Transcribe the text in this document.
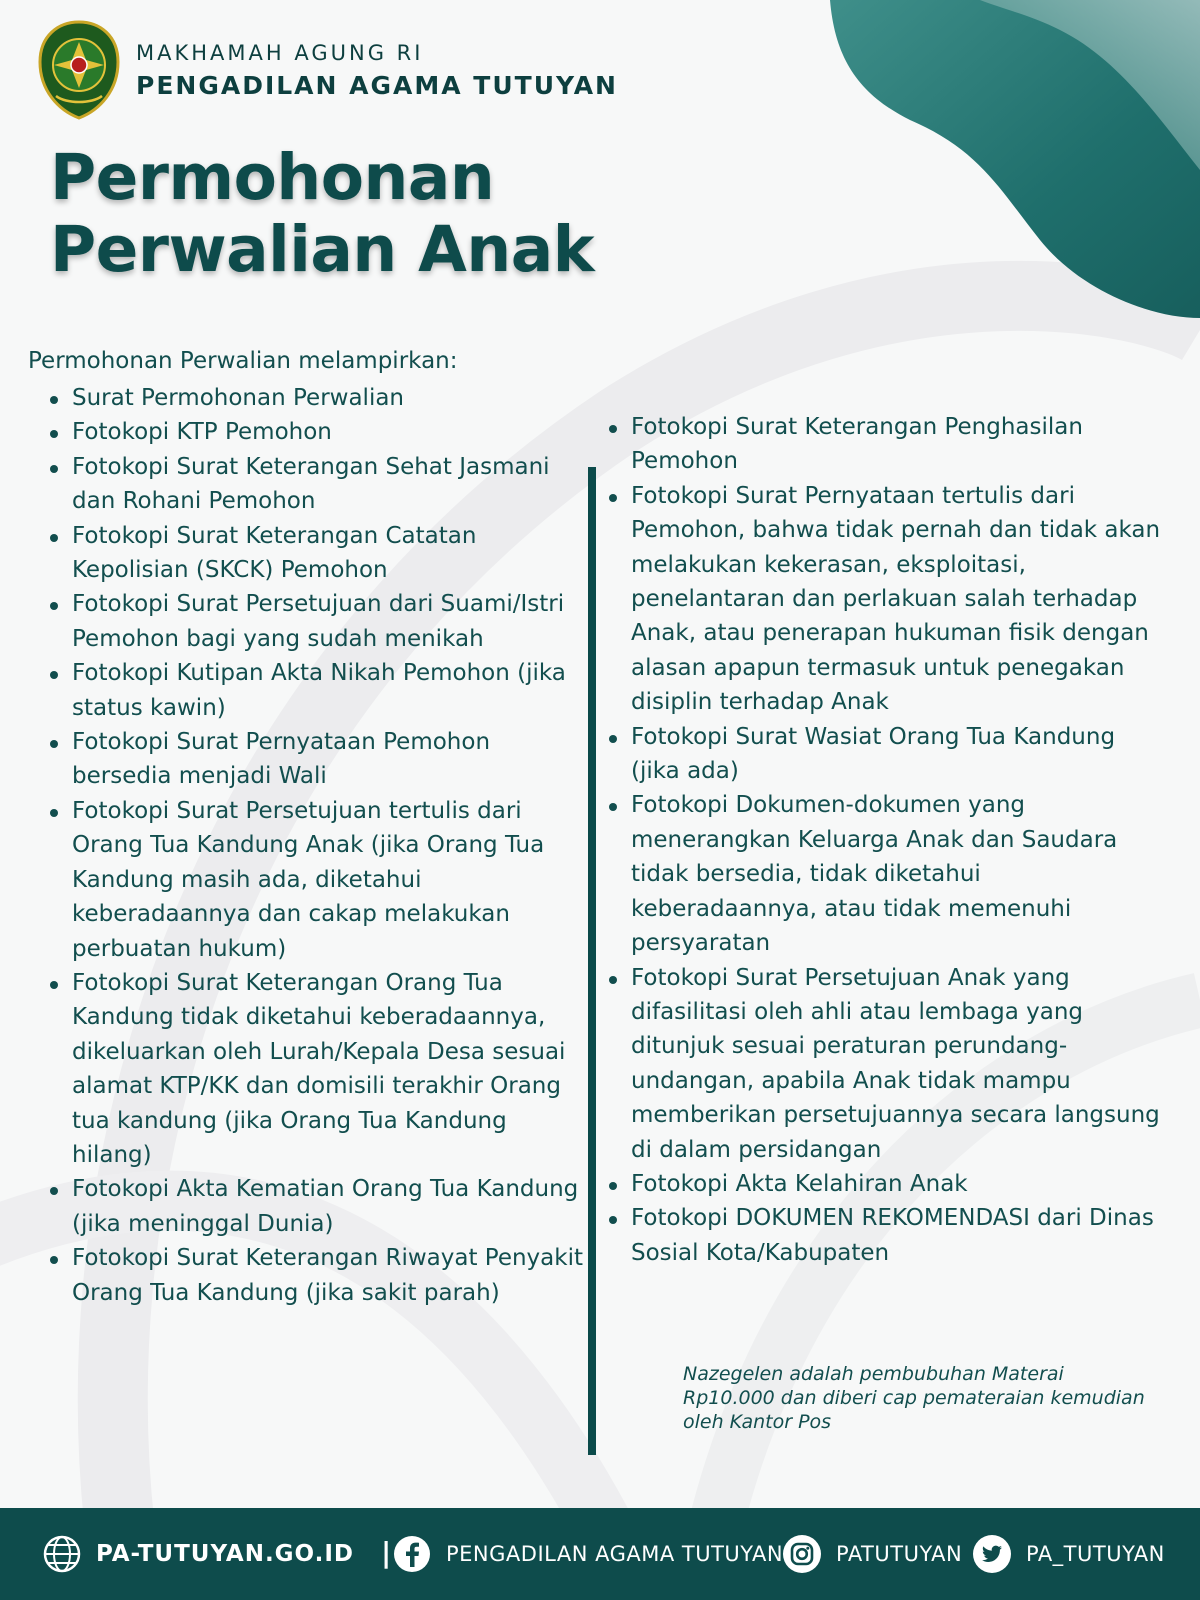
MAKHAMAH AGUNG RI
PENGADILAN AGAMA TUTUYAN
Permohonan
Perwalian Anak
Permohonan Perwalian melampirkan:
Surat Permohonan Perwalian
Fotokopi KTP Pemohon
Fotokopi Surat Keterangan Sehat Jasmani dan Rohani Pemohon
Fotokopi Surat Keterangan Catatan Kepolisian (SKCK) Pemohon
Fotokopi Surat Persetujuan dari Suami/Istri Pemohon bagi yang sudah menikah
Fotokopi Kutipan Akta Nikah Pemohon (jika status kawin)
Fotokopi Surat Pernyataan Pemohon bersedia menjadi Wali
Fotokopi Surat Persetujuan tertulis dari Orang Tua Kandung Anak (jika Orang Tua Kandung masih ada, diketahui keberadaannya dan cakap melakukan perbuatan hukum)
Fotokopi Surat Keterangan Orang Tua Kandung tidak diketahui keberadaannya, dikeluarkan oleh Lurah/Kepala Desa sesuai alamat KTP/KK dan domisili terakhir Orang tua kandung (jika Orang Tua Kandung hilang)
Fotokopi Akta Kematian Orang Tua Kandung (jika meninggal Dunia)
Fotokopi Surat Keterangan Riwayat Penyakit Orang Tua Kandung (jika sakit parah)
Fotokopi Surat Keterangan Penghasilan Pemohon
Fotokopi Surat Pernyataan tertulis dari Pemohon, bahwa tidak pernah dan tidak akan melakukan kekerasan, eksploitasi, penelantaran dan perlakuan salah terhadap Anak, atau penerapan hukuman fisik dengan alasan apapun termasuk untuk penegakan disiplin terhadap Anak
Fotokopi Surat Wasiat Orang Tua Kandung (jika ada)
Fotokopi Dokumen-dokumen yang menerangkan Keluarga Anak dan Saudara tidak bersedia, tidak diketahui keberadaannya, atau tidak memenuhi persyaratan
Fotokopi Surat Persetujuan Anak yang difasilitasi oleh ahli atau lembaga yang ditunjuk sesuai peraturan perundang-undangan, apabila Anak tidak mampu memberikan persetujuannya secara langsung di dalam persidangan
Fotokopi Akta Kelahiran Anak
Fotokopi DOKUMEN REKOMENDASI dari Dinas Sosial Kota/Kabupaten
Nazegelen adalah pembubuhan Materai Rp10.000 dan diberi cap pemateraian kemudian oleh Kantor Pos
PA-TUTUYAN.GO.ID |	PENGADILAN AGAMA TUTUYAN	PATUTUYAN	PA_TUTUYAN
